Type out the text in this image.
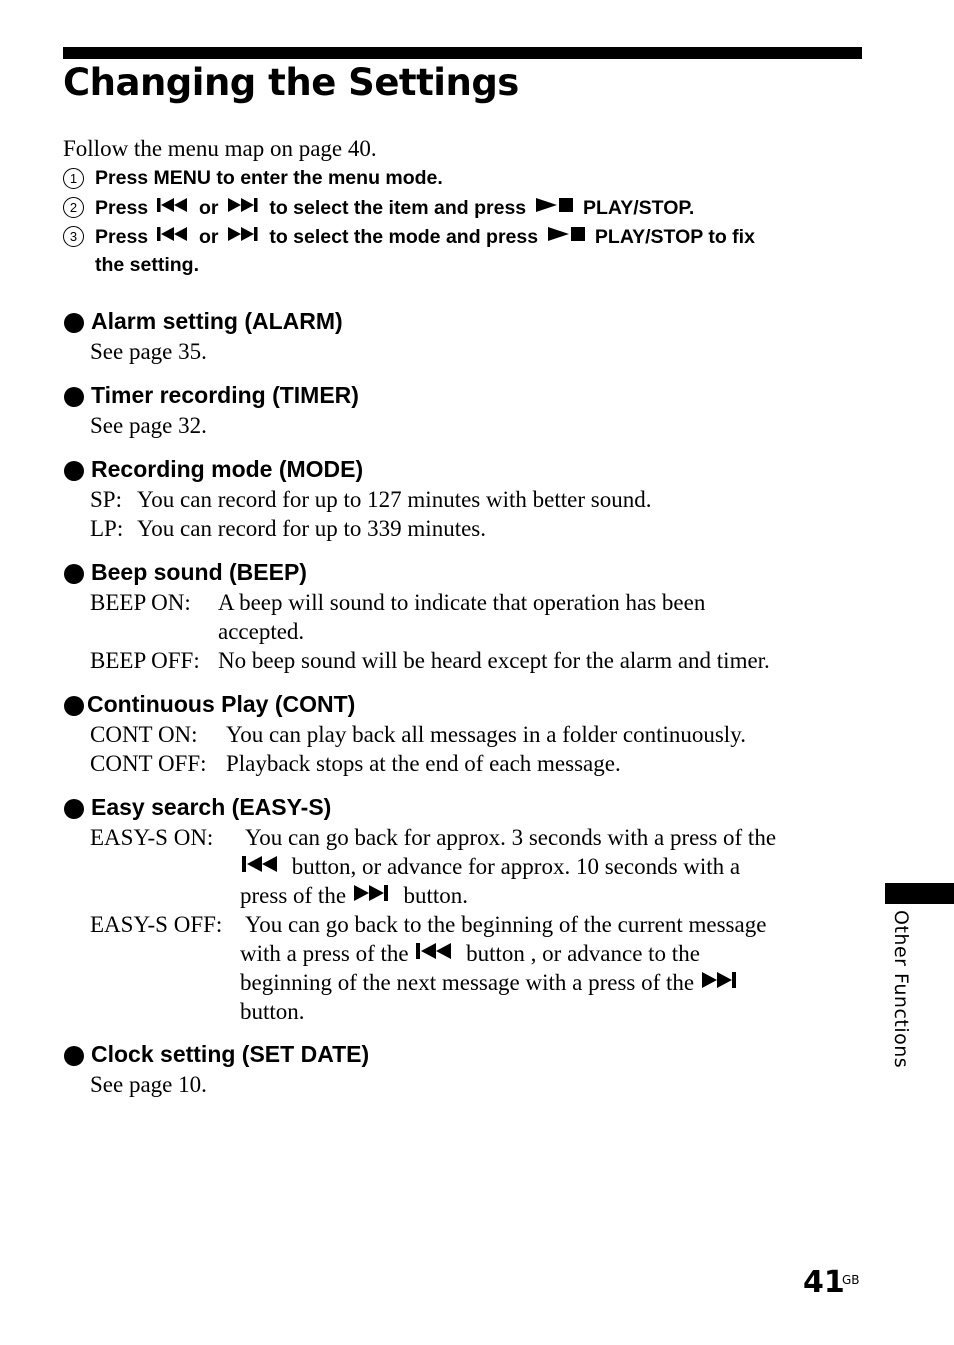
Changing the Settings
Follow the menu map on page 40.
1 Press MENU to enter the menu mode.
2 Press
or
to select the item and press
PLAY/STOP.
3 Press
or
to select the mode and press
PLAY/STOP to fix
the setting.
Alarm setting (ALARM)
See page 35.
Timer recording (TIMER)
See page 32.
Recording mode (MODE)
SP: You can record for up to 127 minutes with better sound.
LP: You can record for up to 339 minutes.
Beep sound (BEEP)
BEEP ON: A beep will sound to indicate that operation has been
accepted.
BEEP OFF: No beep sound will be heard except for the alarm and timer.
Continuous Play (CONT)
CONT ON: You can play back all messages in a folder continuously.
CONT OFF: Playback stops at the end of each message.
Easy search (EASY-S)
EASY-S ON: You can go back for approx. 3 seconds with a press of the
button, or advance for approx. 10 seconds with a
press of the
button.
EASY-S OFF: You can go back to the beginning of the current message
with a press of the
button , or advance to the
beginning of the next message with a press of the
button.
Clock setting (SET DATE)
See page 10.
Other Functions
41
GB
